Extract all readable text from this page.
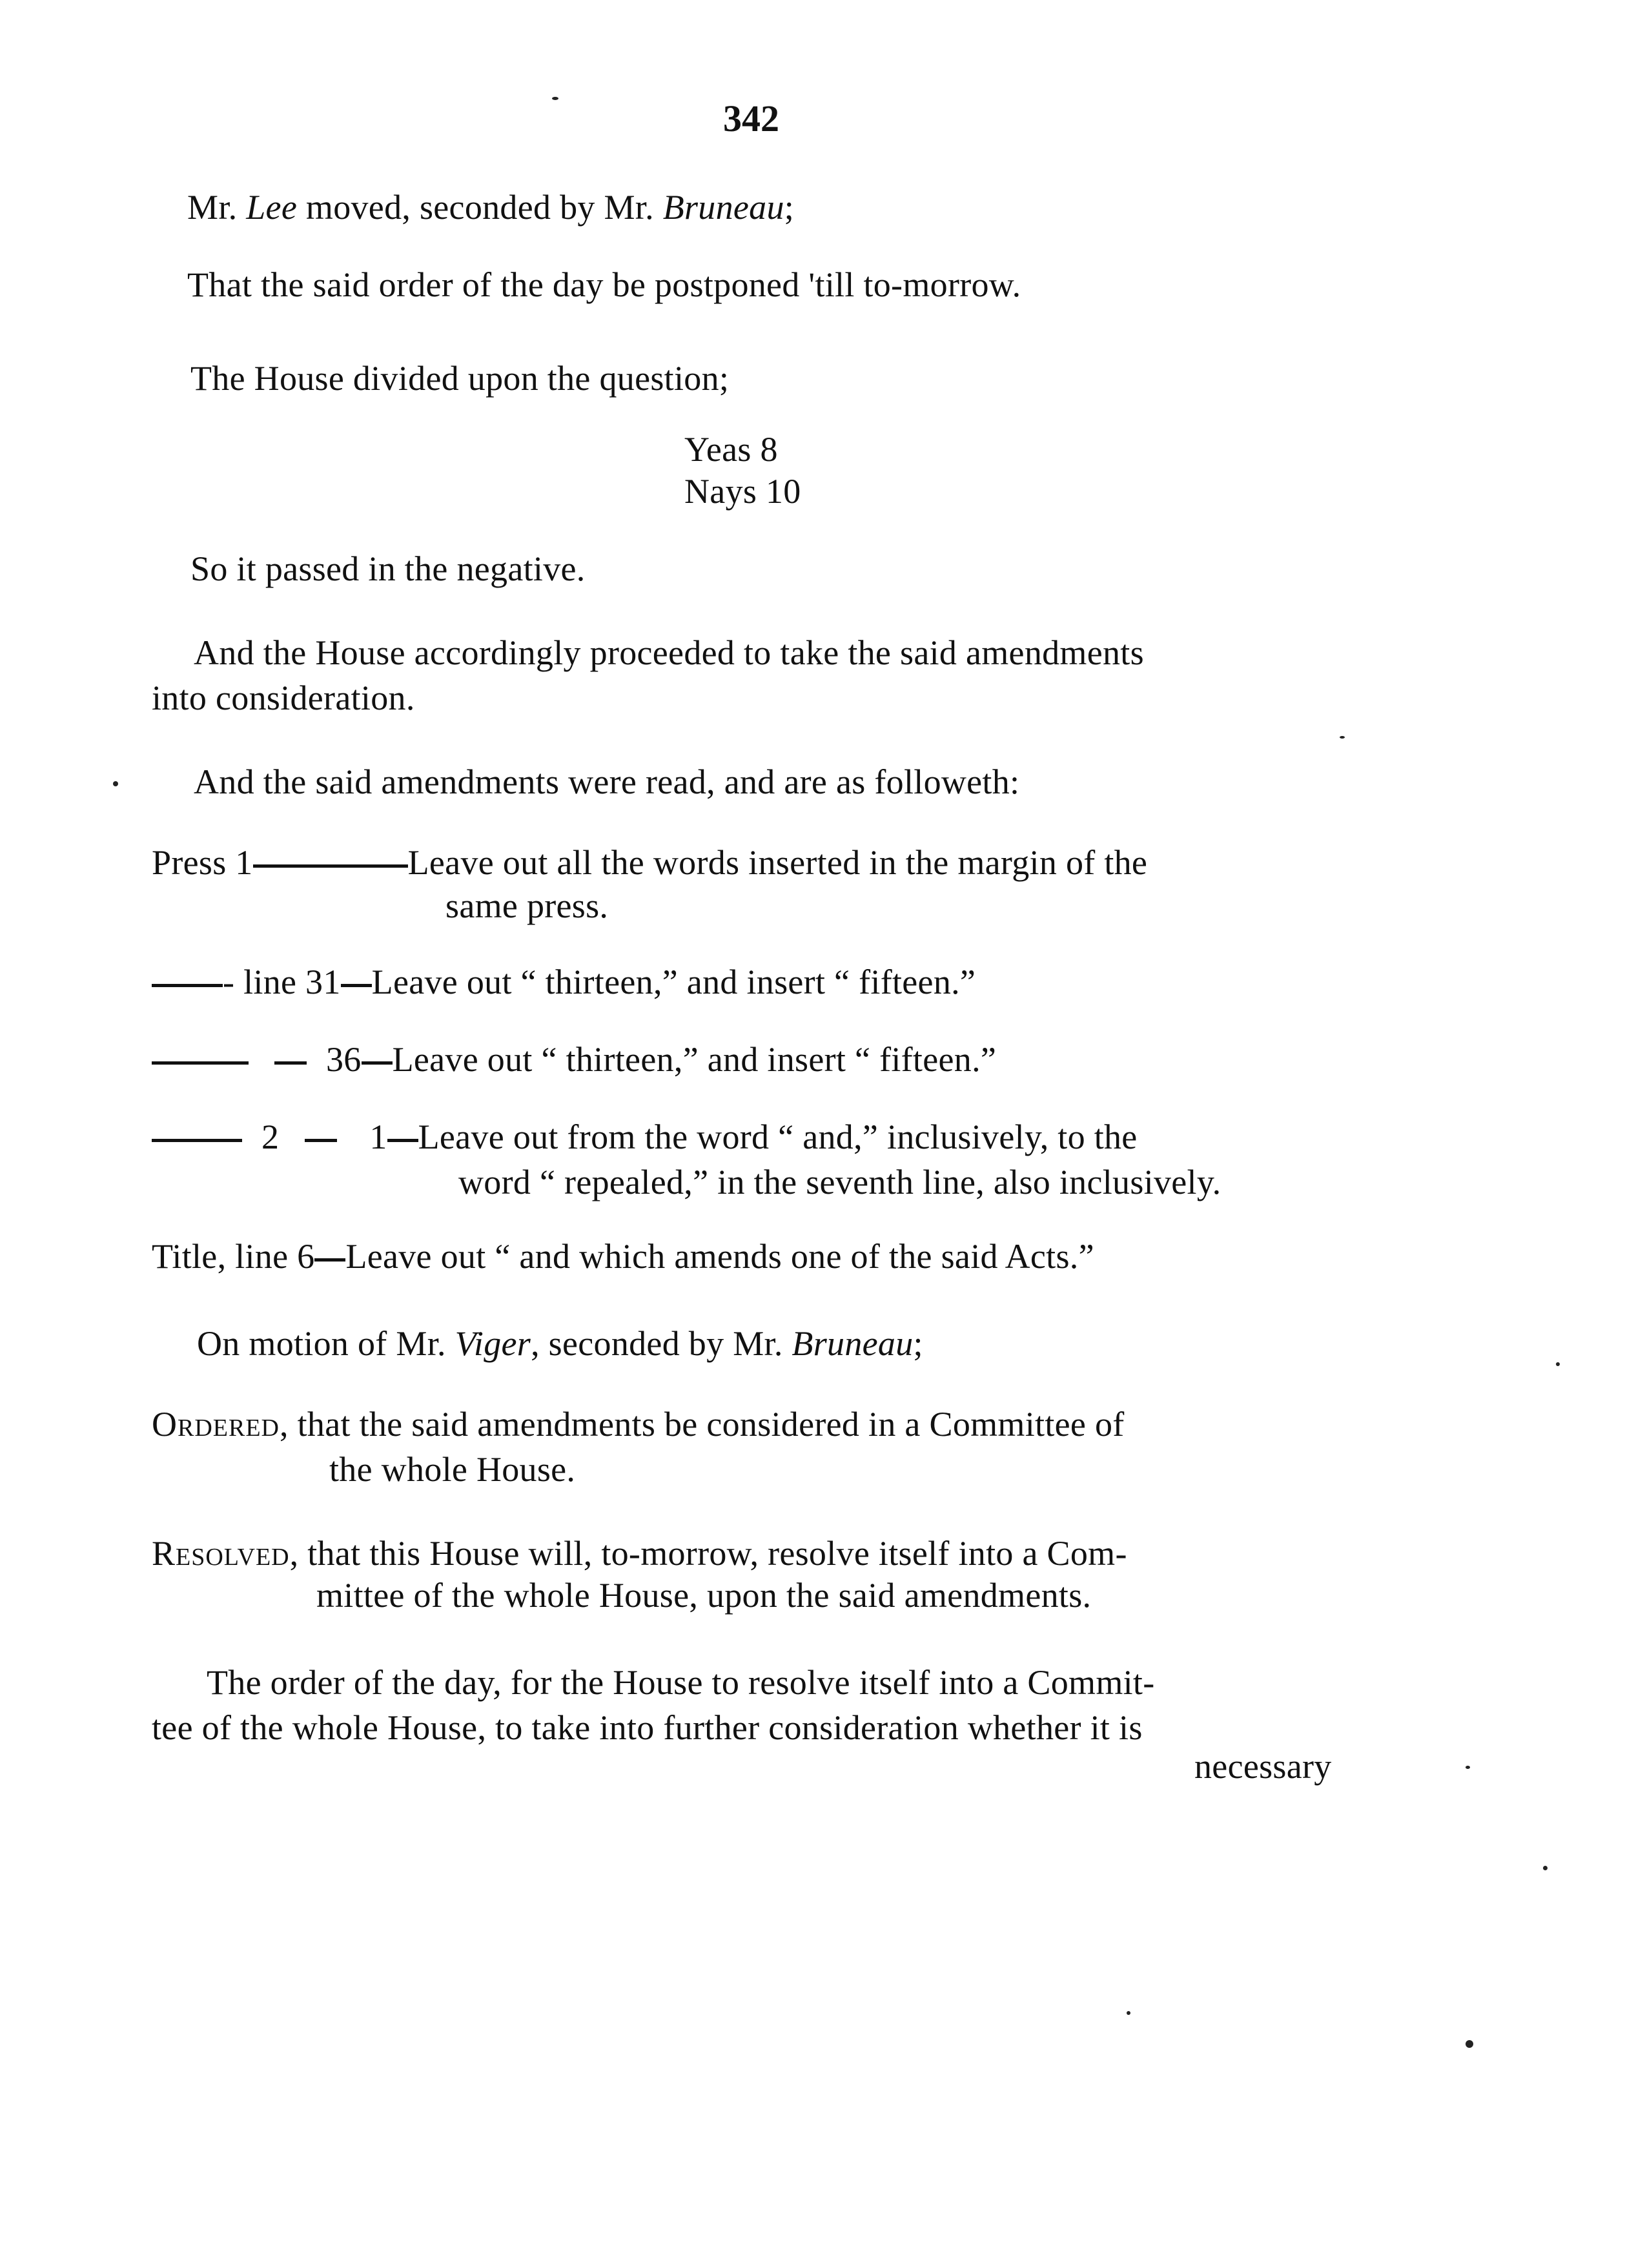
342
Mr. Lee moved, seconded by Mr. Bruneau;
That the said order of the day be postponed 'till to-morrow.
The House divided upon the question;
Yeas 8
Nays 10
So it passed in the negative.
And the House accordingly proceeded to take the said amendments
into consideration.
And the said amendments were read, and are as followeth:
Press 1	Leave out all the words inserted in the margin of the
same press.
- line 31 Leave out “ thirteen,” and insert “ fifteen.”
36 Leave out “ thirteen,” and insert “ fifteen.”
2	1 Leave out from the word “ and,” inclusively, to the
word “ repealed,” in the seventh line, also inclusively.
Title, line 6 Leave out “ and which amends one of the said Acts.”
On motion of Mr. Viger, seconded by Mr. Bruneau;
Ordered, that the said amendments be considered in a Committee of
the whole House.
Resolved, that this House will, to-morrow, resolve itself into a Com-
mittee of the whole House, upon the said amendments.
The order of the day, for the House to resolve itself into a Commit-
tee of the whole House, to take into further consideration whether it is
necessary
